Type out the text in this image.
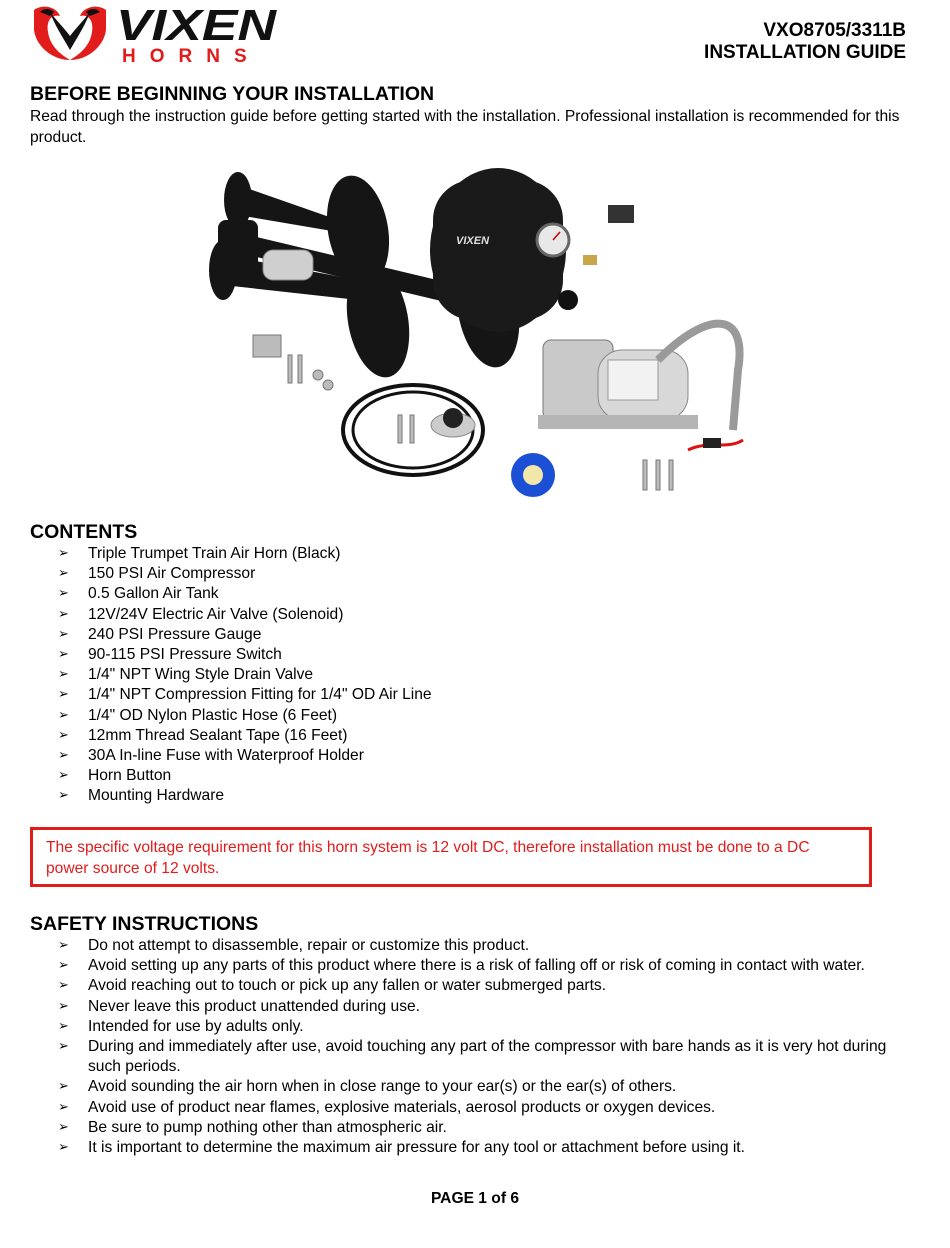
VIXEN
HORNS
VXO8705/3311B
INSTALLATION GUIDE
BEFORE BEGINNING YOUR INSTALLATION
Read through the instruction guide before getting started with the installation. Professional installation is recommended for this product.
VIXEN
CONTENTS
➢ Triple Trumpet Train Air Horn (Black)
➢ 150 PSI Air Compressor
➢ 0.5 Gallon Air Tank
➢ 12V/24V Electric Air Valve (Solenoid)
➢ 240 PSI Pressure Gauge
➢ 90-115 PSI Pressure Switch
➢ 1/4" NPT Wing Style Drain Valve
➢ 1/4" NPT Compression Fitting for 1/4" OD Air Line
➢ 1/4" OD Nylon Plastic Hose (6 Feet)
➢ 12mm Thread Sealant Tape (16 Feet)
➢ 30A In-line Fuse with Waterproof Holder
➢ Horn Button
➢ Mounting Hardware
The specific voltage requirement for this horn system is 12 volt DC, therefore installation must be done to a DC power source of 12 volts.
SAFETY INSTRUCTIONS
➢ Do not attempt to disassemble, repair or customize this product.
➢ Avoid setting up any parts of this product where there is a risk of falling off or risk of coming in contact with water.
➢ Avoid reaching out to touch or pick up any fallen or water submerged parts.
➢ Never leave this product unattended during use.
➢ Intended for use by adults only.
➢ During and immediately after use, avoid touching any part of the compressor with bare hands as it is very hot during such periods.
➢ Avoid sounding the air horn when in close range to your ear(s) or the ear(s) of others.
➢ Avoid use of product near flames, explosive materials, aerosol products or oxygen devices.
➢ Be sure to pump nothing other than atmospheric air.
➢ It is important to determine the maximum air pressure for any tool or attachment before using it.
PAGE 1 of 6
